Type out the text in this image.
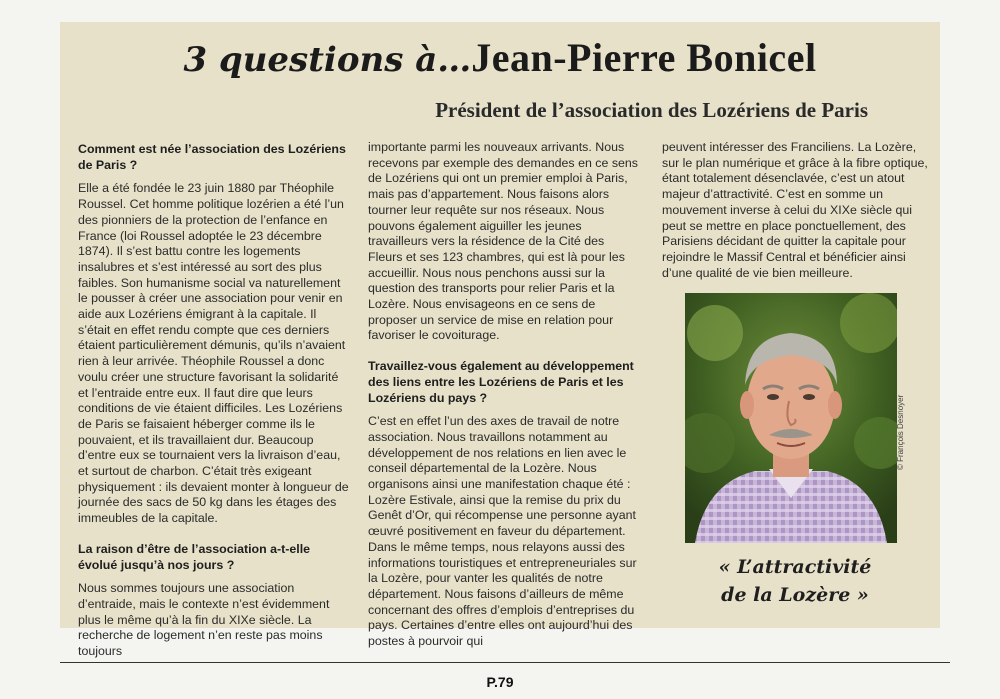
3 questions à…Jean-Pierre Bonicel
Président de l’association des Lozériens de Paris

Comment est née l’association des Lozériens de Paris ?

Elle a été fondée le 23 juin 1880 par Théophile Roussel. Cet homme politique lozérien a été l’un des pionniers de la protection de l’enfance en France (loi Roussel adoptée le 23 décembre 1874). Il s’est battu contre les logements insalubres et s’est intéressé au sort des plus faibles. Son humanisme social va naturellement le pousser à créer une association pour venir en aide aux Lozériens émigrant à la capitale. Il s’était en effet rendu compte que ces derniers étaient particulièrement démunis, qu’ils n’avaient rien à leur arrivée. Théophile Roussel a donc voulu créer une structure favorisant la solidarité et l’entraide entre eux. Il faut dire que leurs conditions de vie étaient difficiles. Les Lozériens de Paris se faisaient héberger comme ils le pouvaient, et ils travaillaient dur. Beaucoup d’entre eux se tournaient vers la livraison d’eau, et surtout de charbon. C’était très exigeant physiquement : ils devaient monter à longueur de journée des sacs de 50 kg dans les étages des immeubles de la capitale.

La raison d’être de l’association a-t-elle évolué jusqu’à nos jours ?

Nous sommes toujours une association d’entraide, mais le contexte n’est évidemment plus le même qu’à la fin du XIXe siècle. La recherche de logement n’en reste pas moins toujours

importante parmi les nouveaux arrivants. Nous recevons par exemple des demandes en ce sens de Lozériens qui ont un premier emploi à Paris, mais pas d’appartement. Nous faisons alors tourner leur requête sur nos réseaux. Nous pouvons également aiguiller les jeunes travailleurs vers la résidence de la Cité des Fleurs et ses 123 chambres, qui est là pour les accueillir. Nous nous penchons aussi sur la question des transports pour relier Paris et la Lozère. Nous envisageons en ce sens de proposer un service de mise en relation pour favoriser le covoiturage.

Travaillez-vous également au développement des liens entre les Lozériens de Paris et les Lozériens du pays ?

C’est en effet l’un des axes de travail de notre association. Nous travaillons notamment au développement de nos relations en lien avec le conseil départemental de la Lozère. Nous organisons ainsi une manifestation chaque été : Lozère Estivale, ainsi que la remise du prix du Genêt d’Or, qui récompense une personne ayant œuvré positivement en faveur du département. Dans le même temps, nous relayons aussi des informations touristiques et entrepreneuriales sur la Lozère, pour vanter les qualités de notre département. Nous faisons d’ailleurs de même concernant des offres d’emplois d’entreprises du pays. Certaines d’entre elles ont aujourd’hui des postes à pourvoir qui

peuvent intéresser des Franciliens. La Lozère, sur le plan numérique et grâce à la fibre optique, étant totalement désenclavée, c’est un atout majeur d’attractivité. C’est en somme un mouvement inverse à celui du XIXe siècle qui peut se mettre en place ponctuellement, des Parisiens décidant de quitter la capitale pour rejoindre le Massif Central et bénéficier ainsi d’une qualité de vie bien meilleure.

© François Desnoyer
« L’attractivité
de la Lozère »
P.79
